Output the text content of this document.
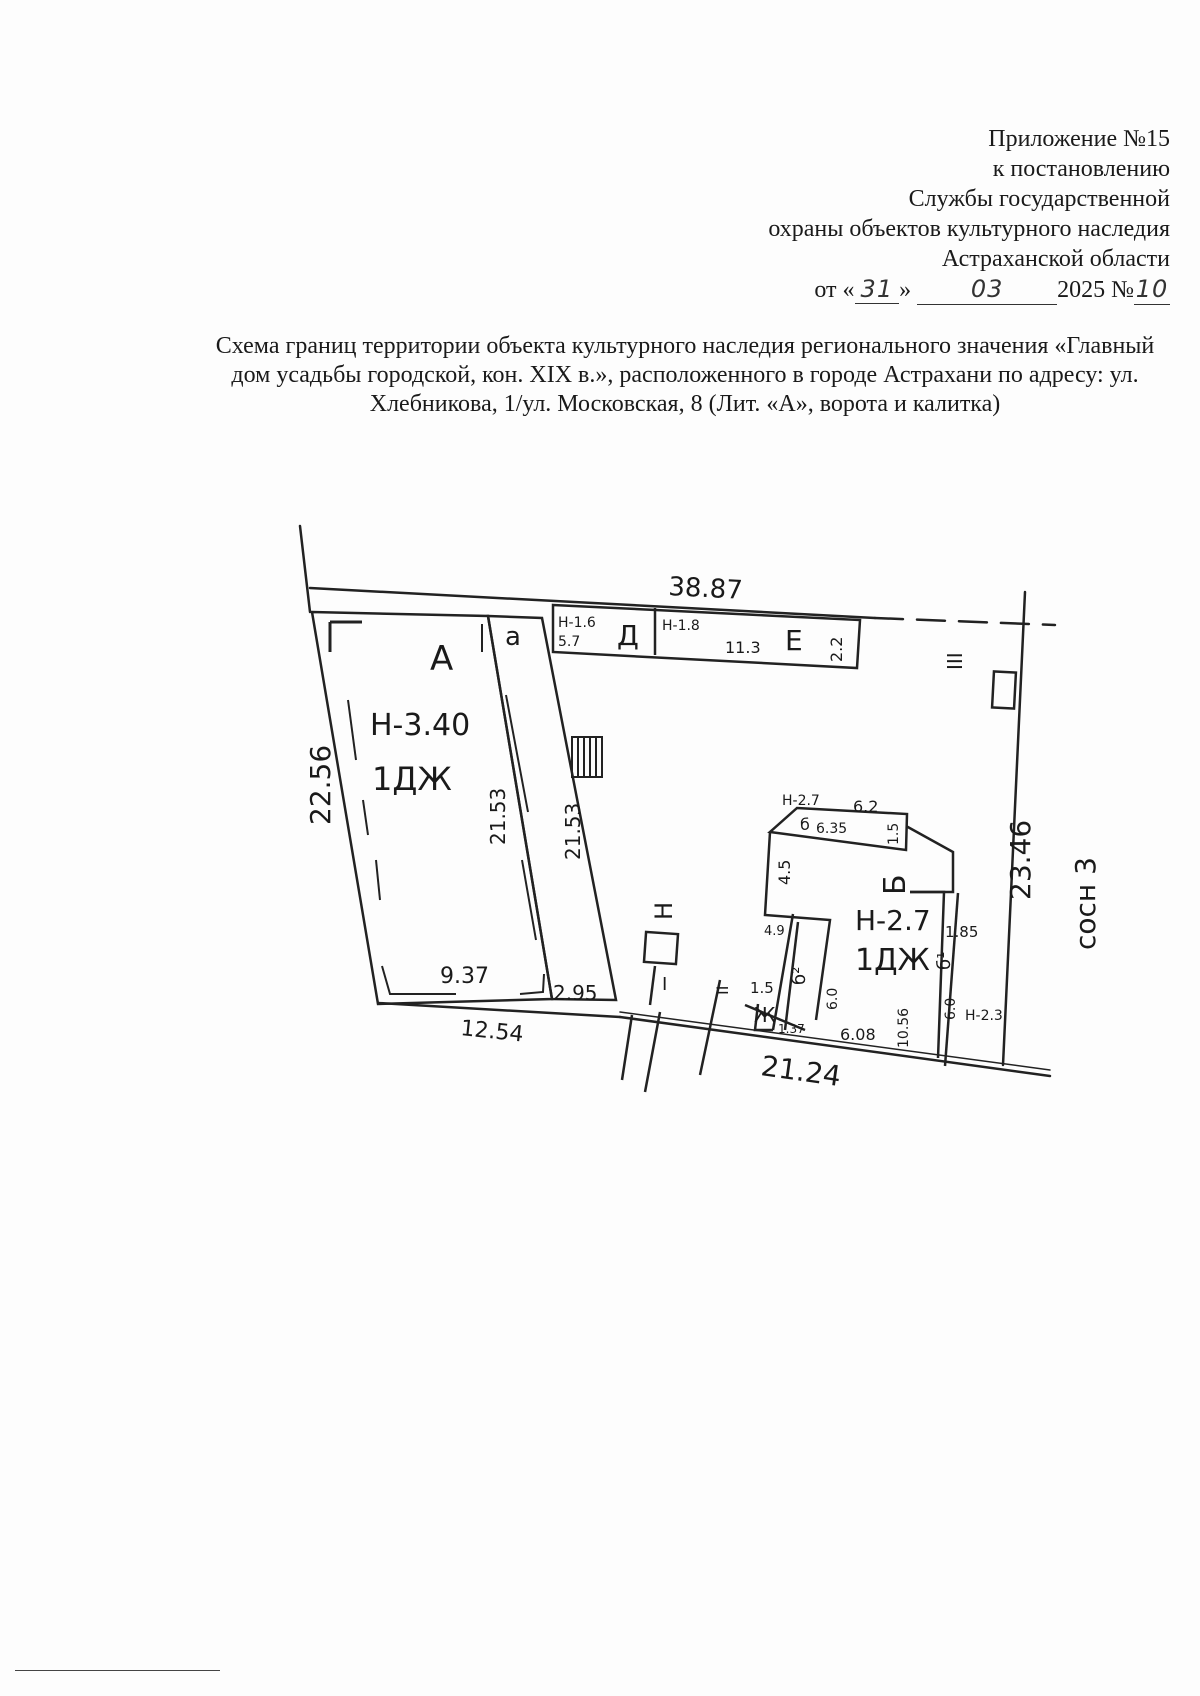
Приложение №15
к постановлению
Службы государственной
охраны объектов культурного наследия
Астраханской области
от « 31 » 03 2025 №10
Схема границ территории объекта культурного наследия регионального значения «Главный дом усадьбы городской, кон. XIX в.», расположенного в городе Астрахани по адресу: ул. Хлебникова, 1/ул. Московская, 8 (Лит. «А», ворота и калитка)
38.87
22.56
23.46 сосн 3
21.24
12.54
2.95
9.37
21.53	21.53
А
Н-3.40
1ДЖ
а	Н-1.6
5.7 Д Н-1.8
11.3 Е 2.2	III
Н-2.7 6.2
б 6.35	1.5
4.5	Б
4.9	Н-2.7
1ДЖ
1.85
б¹
б²
6.0	6.0
10.56
6.08
Н-2.3
1.5
Ж
1.37
Н
I	II
